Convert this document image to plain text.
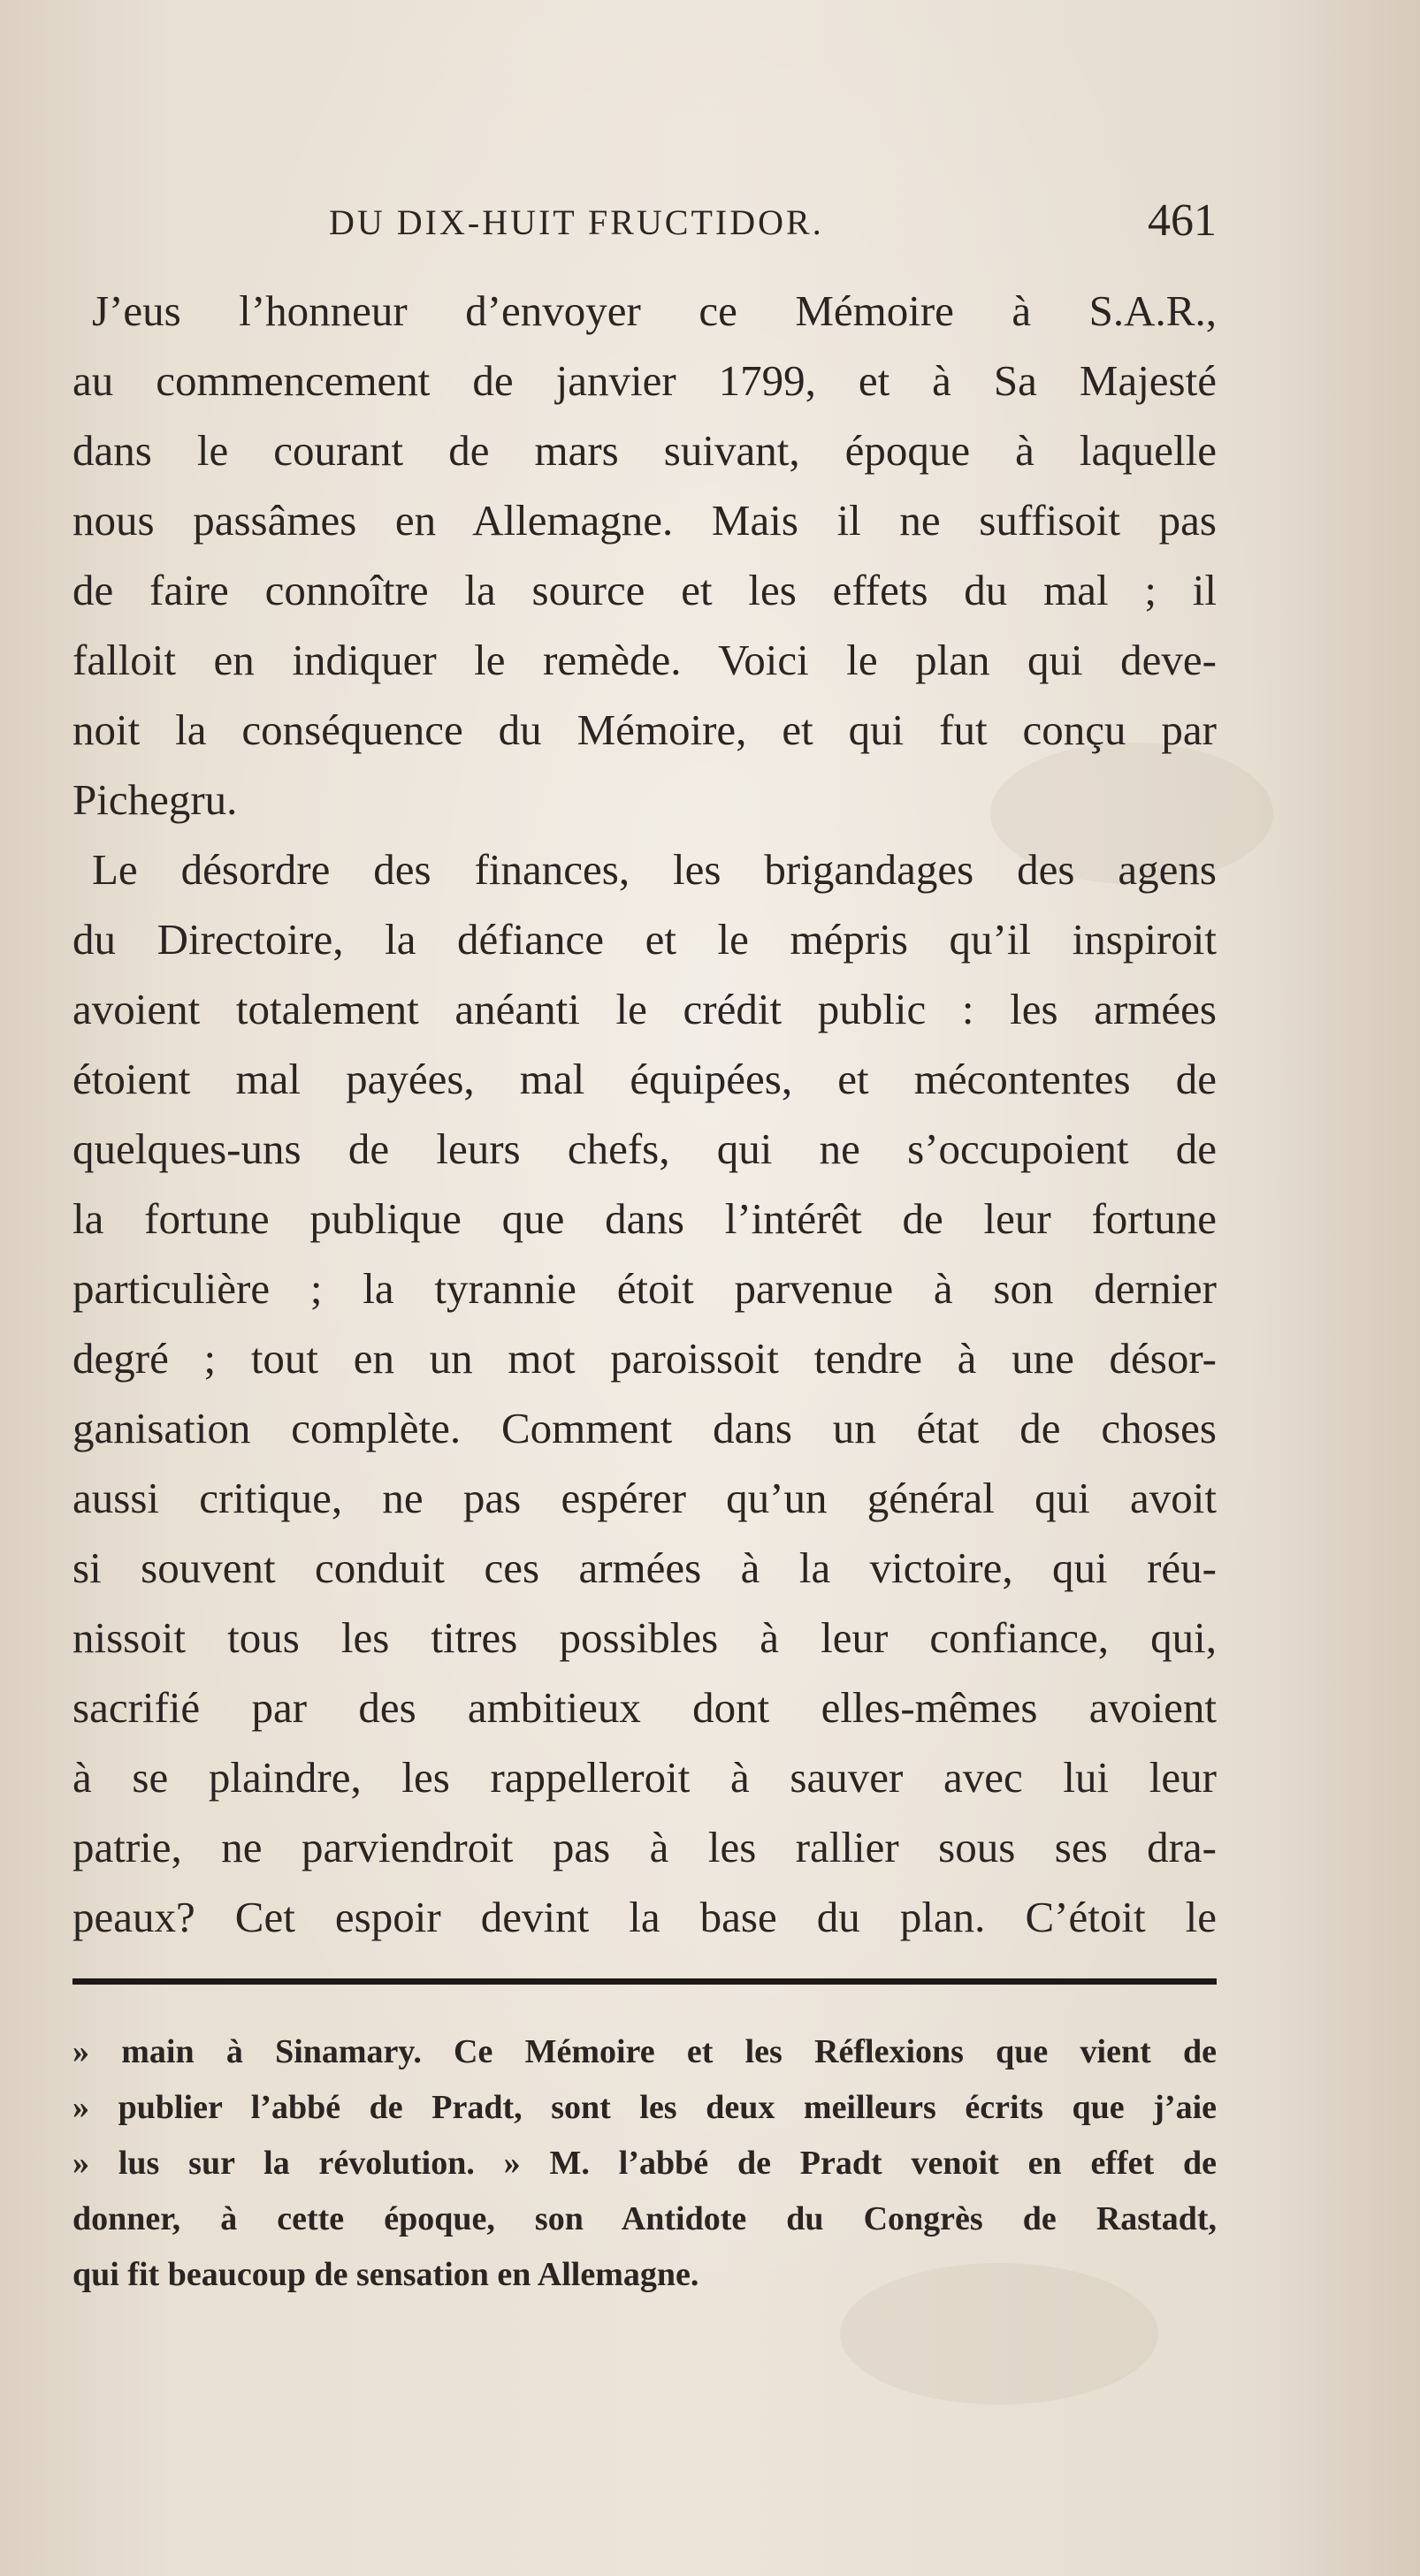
DU DIX-HUIT FRUCTIDOR.	461
J’eus l’honneur d’envoyer ce Mémoire à S.A.R.,
au commencement de janvier 1799, et à Sa Majesté
dans le courant de mars suivant, époque à laquelle
nous passâmes en Allemagne. Mais il ne suffisoit pas
de faire connoître la source et les effets du mal ; il
falloit en indiquer le remède. Voici le plan qui deve-
noit la conséquence du Mémoire, et qui fut conçu par
Pichegru.
Le désordre des finances, les brigandages des agens
du Directoire, la défiance et le mépris qu’il inspiroit
avoient totalement anéanti le crédit public : les armées
étoient mal payées, mal équipées, et mécontentes de
quelques-uns de leurs chefs, qui ne s’occupoient de
la fortune publique que dans l’intérêt de leur fortune
particulière ; la tyrannie étoit parvenue à son dernier
degré ; tout en un mot paroissoit tendre à une désor-
ganisation complète. Comment dans un état de choses
aussi critique, ne pas espérer qu’un général qui avoit
si souvent conduit ces armées à la victoire, qui réu-
nissoit tous les titres possibles à leur confiance, qui,
sacrifié par des ambitieux dont elles-mêmes avoient
à se plaindre, les rappelleroit à sauver avec lui leur
patrie, ne parviendroit pas à les rallier sous ses dra-
peaux? Cet espoir devint la base du plan. C’étoit le
» main à Sinamary. Ce Mémoire et les Réflexions que vient de
» publier l’abbé de Pradt, sont les deux meilleurs écrits que j’aie
» lus sur la révolution. » M. l’abbé de Pradt venoit en effet de
donner, à cette époque, son Antidote du Congrès de Rastadt,
qui fit beaucoup de sensation en Allemagne.
